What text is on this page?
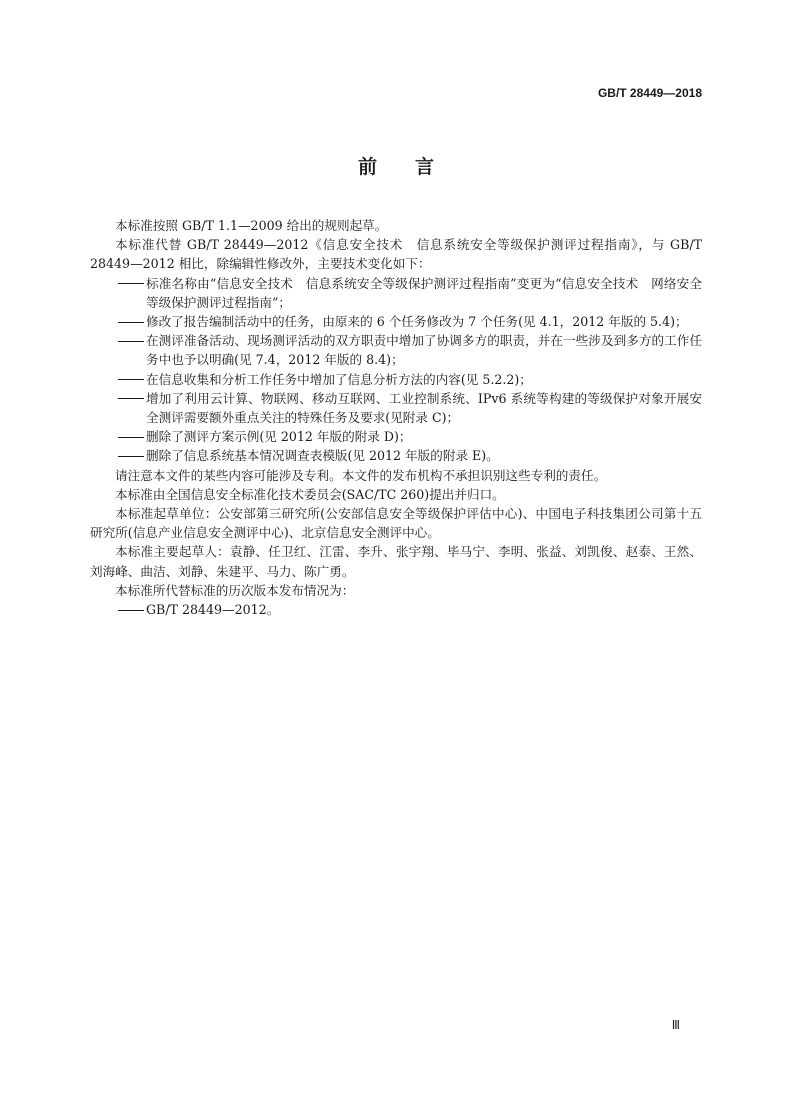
GB/T 28449—2018
前言

本标准按照 GB/T 1.1—2009 给出的规则起草。

本标准代替 GB/T 28449—2012《信息安全技术　信息系统安全等级保护测评过程指南》，与 GB/T 28449—2012 相比，除编辑性修改外，主要技术变化如下：

标准名称由“信息安全技术　信息系统安全等级保护测评过程指南”变更为“信息安全技术　网络安全等级保护测评过程指南”；
修改了报告编制活动中的任务，由原来的 6 个任务修改为 7 个任务(见 4.1，2012 年版的 5.4)；
在测评准备活动、现场测评活动的双方职责中增加了协调多方的职责，并在一些涉及到多方的工作任务中也予以明确(见 7.4，2012 年版的 8.4)；
在信息收集和分析工作任务中增加了信息分析方法的内容(见 5.2.2)；
增加了利用云计算、物联网、移动互联网、工业控制系统、IPv6 系统等构建的等级保护对象开展安全测评需要额外重点关注的特殊任务及要求(见附录 C)；
删除了测评方案示例(见 2012 年版的附录 D)；
删除了信息系统基本情况调查表模版(见 2012 年版的附录 E)。

请注意本文件的某些内容可能涉及专利。本文件的发布机构不承担识别这些专利的责任。

本标准由全国信息安全标准化技术委员会(SAC/TC 260)提出并归口。

本标准起草单位：公安部第三研究所(公安部信息安全等级保护评估中心)、中国电子科技集团公司第十五研究所(信息产业信息安全测评中心)、北京信息安全测评中心。

本标准主要起草人：袁静、任卫红、江雷、李升、张宇翔、毕马宁、李明、张益、刘凯俊、赵泰、王然、刘海峰、曲洁、刘静、朱建平、马力、陈广勇。

本标准所代替标准的历次版本发布情况为：

GB/T 28449—2012。
Ⅲ
